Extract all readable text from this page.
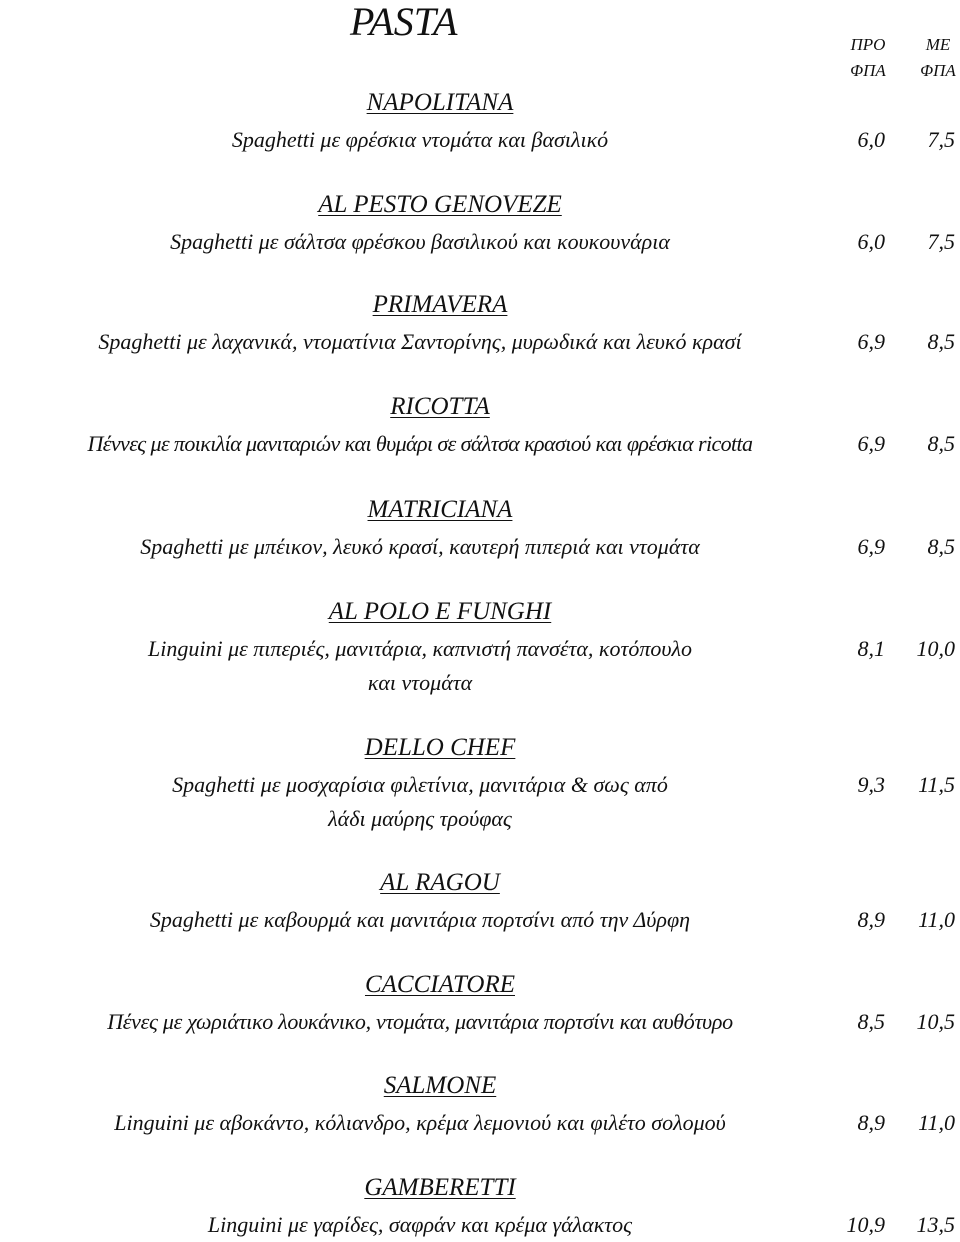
PASTA
ΠΡΟ
ΦΠΑ
ΜΕ
ΦΠΑ
NAPOLITANA
Spaghetti με φρέσκια ντομάτα και βασιλικό	6,0	7,5
AL PESTO GENOVEZE
Spaghetti με σάλτσα φρέσκου βασιλικού και κουκουνάρια	6,0	7,5
PRIMAVERA
Spaghetti με λαχανικά, ντοματίνια Σαντορίνης, μυρωδικά και λευκό κρασί	6,9	8,5
RICOTTA
Πέννες με ποικιλία μανιταριών και θυμάρι σε σάλτσα κρασιού και φρέσκια ricotta	6,9	8,5
MATRICIANA
Spaghetti με μπέικον, λευκό κρασί, καυτερή πιπεριά και ντομάτα	6,9	8,5
AL POLO E FUNGHI
Linguini με πιπεριές, μανιτάρια, καπνιστή πανσέτα, κοτόπουλο
και ντομάτα
8,1	10,0
DELLO CHEF
Spaghetti με μοσχαρίσια φιλετίνια, μανιτάρια & σως από
λάδι μαύρης τρούφας
9,3	11,5
AL RAGOU
Spaghetti με καβουρμά και μανιτάρια πορτσίνι από την Δύρφη	8,9	11,0
CACCIATORE
Πένες με χωριάτικο λουκάνικο, ντομάτα, μανιτάρια πορτσίνι και αυθότυρο	8,5	10,5
SALMONE
Linguini με αβοκάντο, κόλιανδρο, κρέμα λεμονιού και φιλέτο σολομού	8,9	11,0
GAMBERETTI
Linguini με γαρίδες, σαφράν και κρέμα γάλακτος	10,9	13,5
